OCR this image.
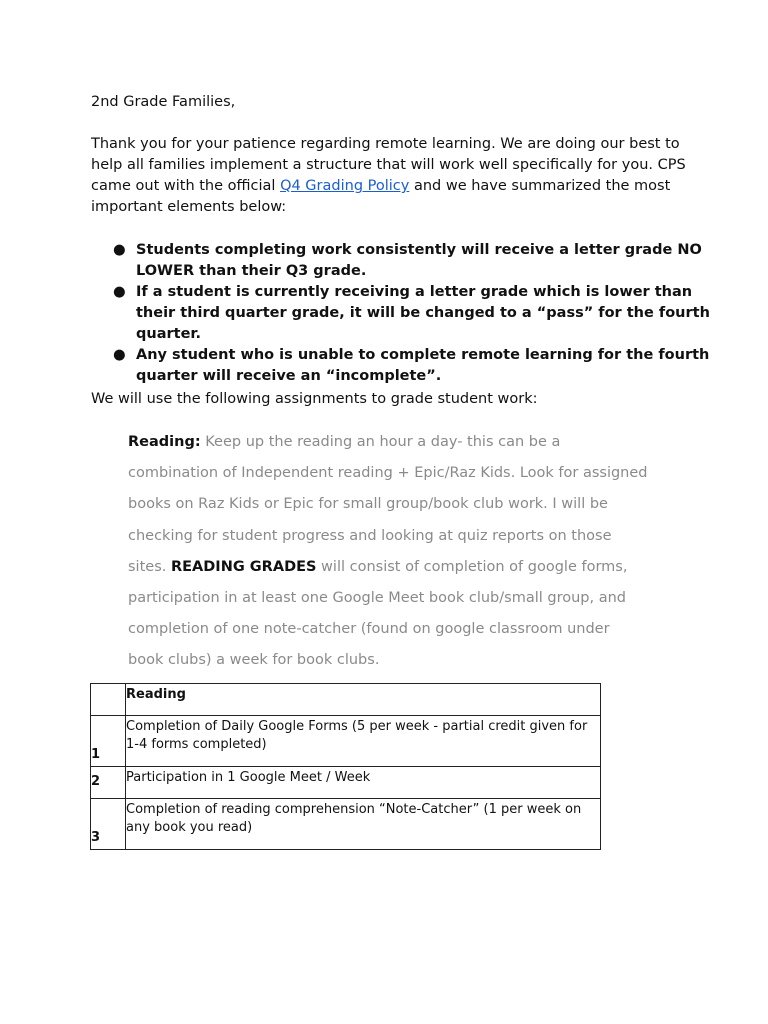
2nd Grade Families,

Thank you for your patience regarding remote learning. We are doing our best to help all families implement a structure that will work well specifically for you. CPS came out with the official Q4 Grading Policy and we have summarized the most important elements below:

● Students completing work consistently will receive a letter grade NO LOWER than their Q3 grade.
● If a student is currently receiving a letter grade which is lower than their third quarter grade, it will be changed to a “pass” for the fourth quarter.
● Any student who is unable to complete remote learning for the fourth quarter will receive an “incomplete”.

We will use the following assignments to grade student work:

Reading: Keep up the reading an hour a day- this can be a combination of Independent reading + Epic/Raz Kids. Look for assigned books on Raz Kids or Epic for small group/book club work. I will be checking for student progress and looking at quiz reports on those sites. READING GRADES will consist of completion of google forms, participation in at least one Google Meet book club/small group, and completion of one note-catcher (found on google classroom under book clubs) a week for book clubs.

	Reading
1	Completion of Daily Google Forms (5 per week - partial credit given for 1-4 forms completed)
2	Participation in 1 Google Meet / Week
3	Completion of reading comprehension “Note-Catcher” (1 per week on any book you read)
